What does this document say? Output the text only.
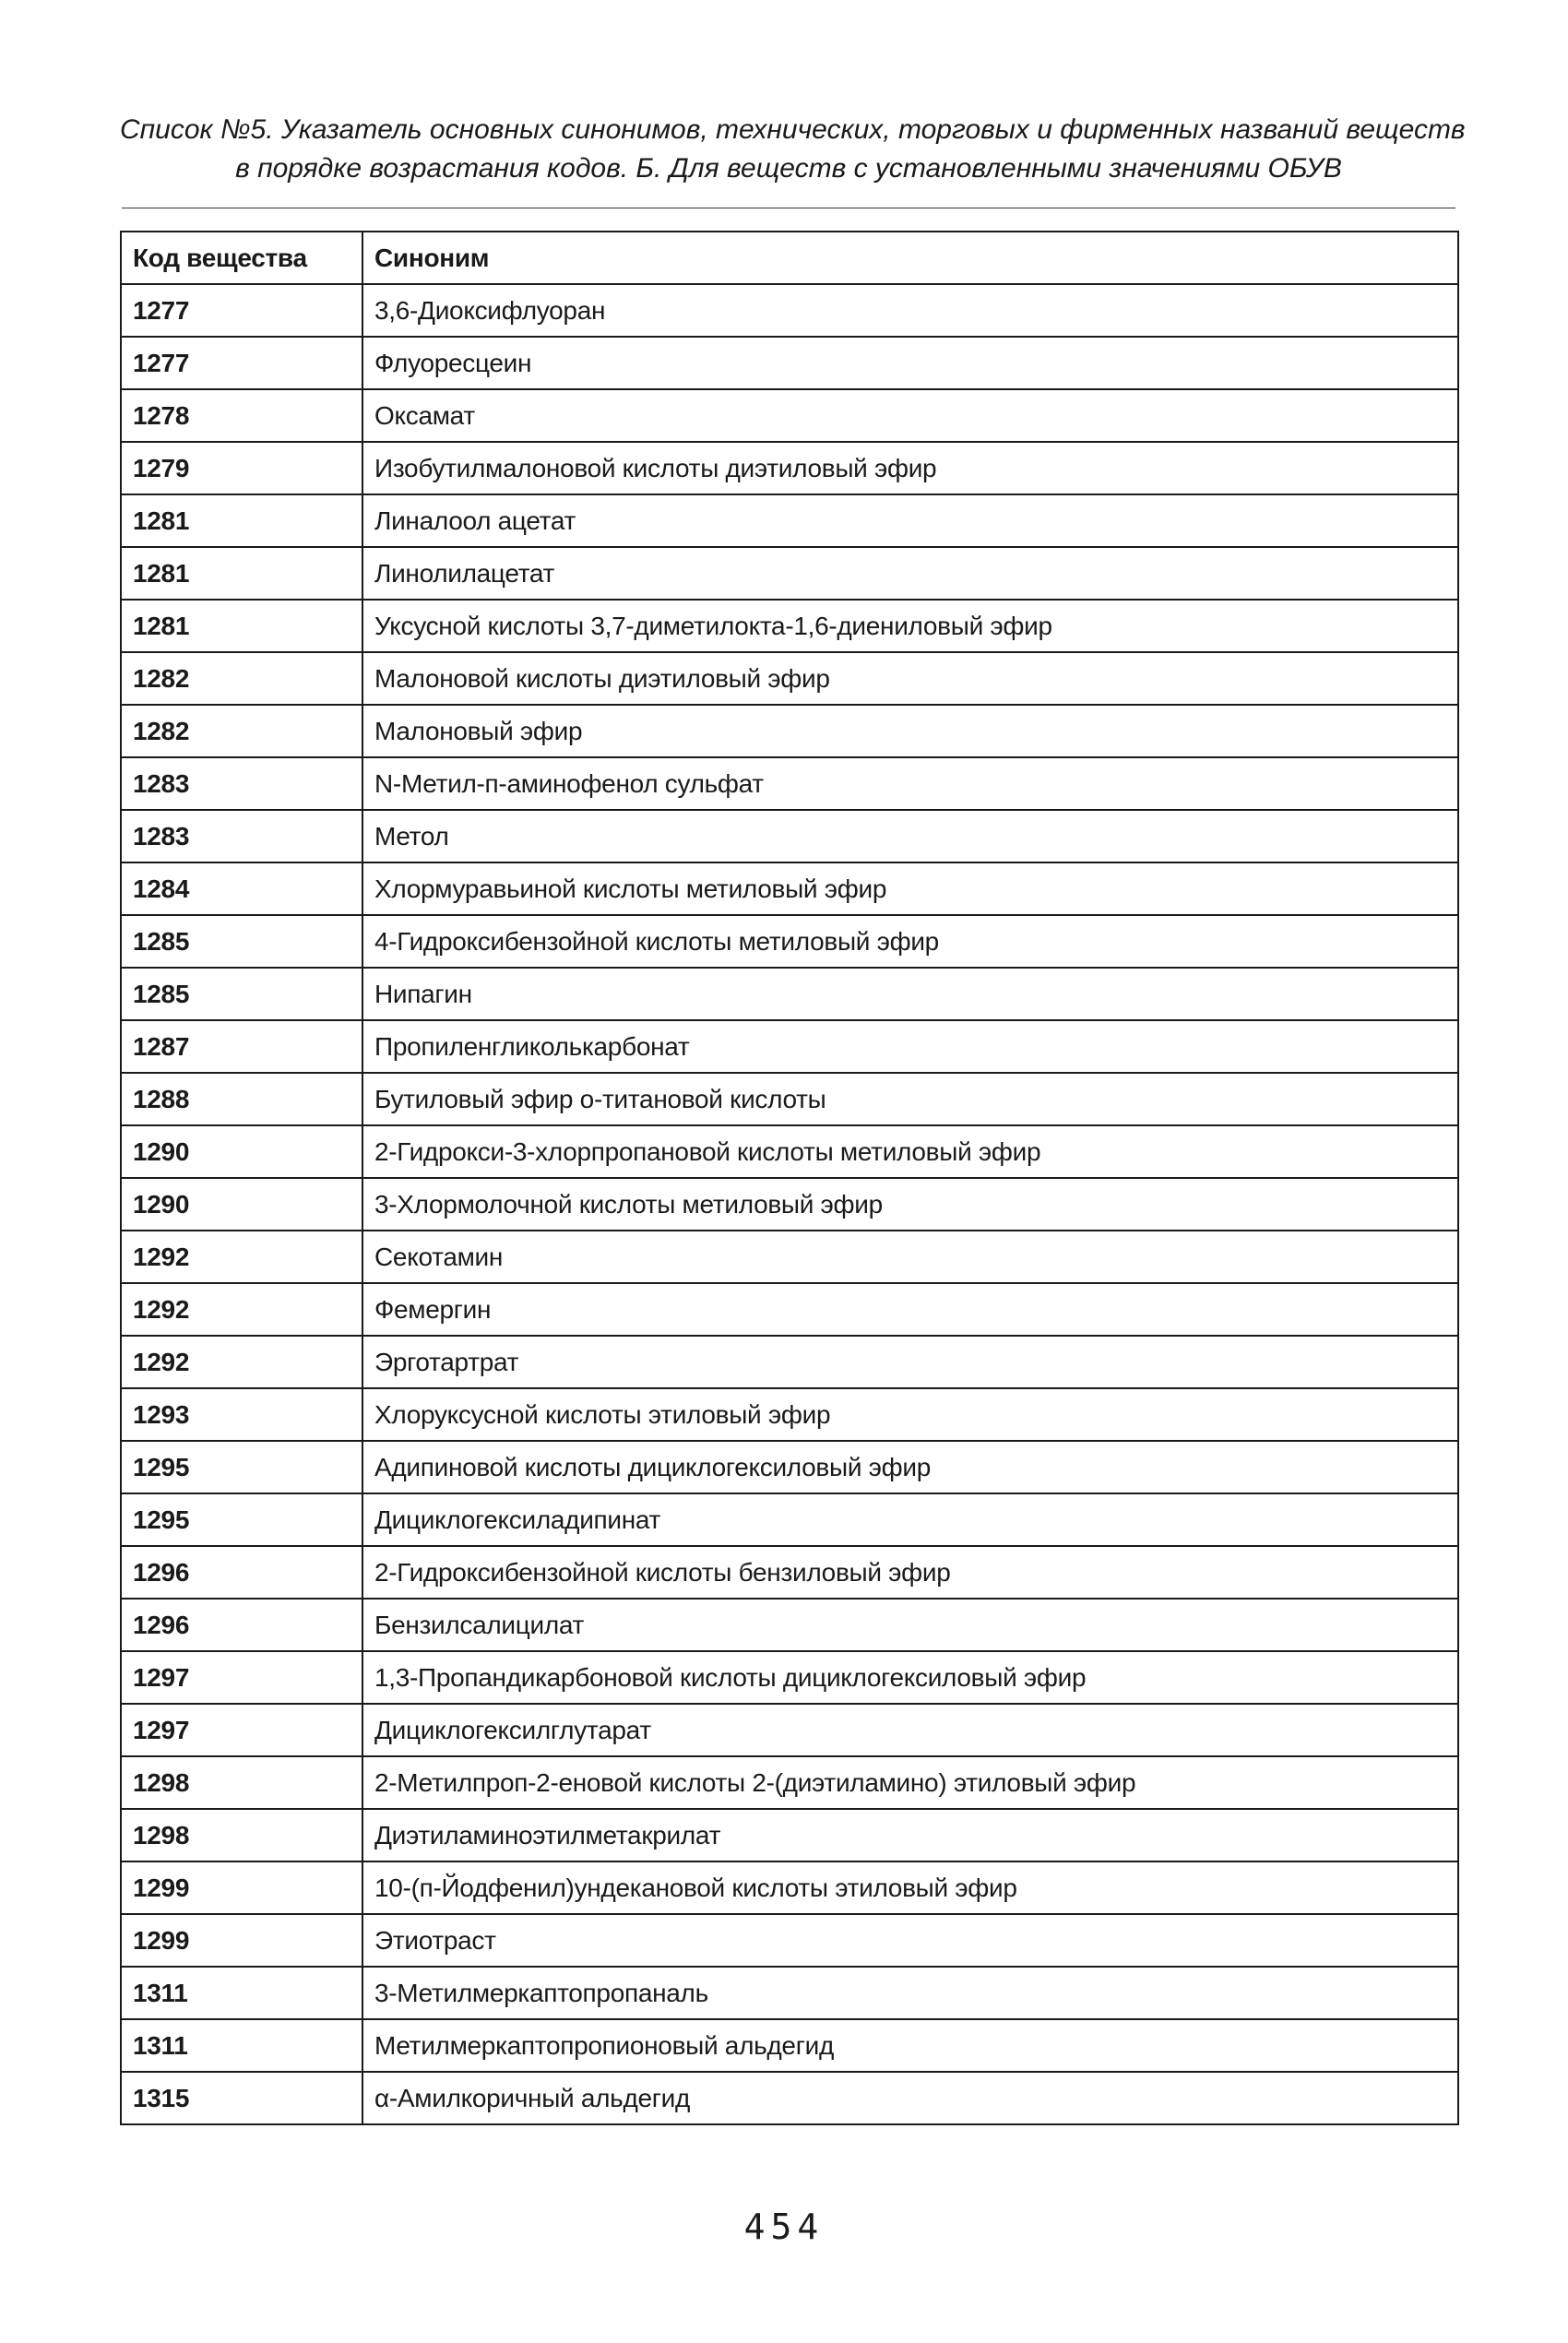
Список №5. Указатель основных синонимов, технических, торговых и фирменных названий веществ
в порядке возрастания кодов. Б. Для веществ с установленными значениями ОБУВ
Код вещества	Синоним
1277	3,6-Диоксифлуоран
1277	Флуоресцеин
1278	Оксамат
1279	Изобутилмалоновой кислоты диэтиловый эфир
1281	Линалоол ацетат
1281	Линолилацетат
1281	Уксусной кислоты 3,7-диметилокта-1,6-диениловый эфир
1282	Малоновой кислоты диэтиловый эфир
1282	Малоновый эфир
1283	N-Метил-п-аминофенол сульфат
1283	Метол
1284	Хлормуравьиной кислоты метиловый эфир
1285	4-Гидроксибензойной кислоты метиловый эфир
1285	Нипагин
1287	Пропиленгликолькарбонат
1288	Бутиловый эфир о-титановой кислоты
1290	2-Гидрокси-3-хлорпропановой кислоты метиловый эфир
1290	3-Хлормолочной кислоты метиловый эфир
1292	Секотамин
1292	Фемергин
1292	Эрготартрат
1293	Хлоруксусной кислоты этиловый эфир
1295	Адипиновой кислоты дициклогексиловый эфир
1295	Дициклогексиладипинат
1296	2-Гидроксибензойной кислоты бензиловый эфир
1296	Бензилсалицилат
1297	1,3-Пропандикарбоновой кислоты дициклогексиловый эфир
1297	Дициклогексилглутарат
1298	2-Метилпроп-2-еновой кислоты 2-(диэтиламино) этиловый эфир
1298	Диэтиламиноэтилметакрилат
1299	10-(п-Йодфенил)ундекановой кислоты этиловый эфир
1299	Этиотраст
1311	3-Метилмеркаптопропаналь
1311	Метилмеркаптопропионовый альдегид
1315	α-Амилкоричный альдегид
454
